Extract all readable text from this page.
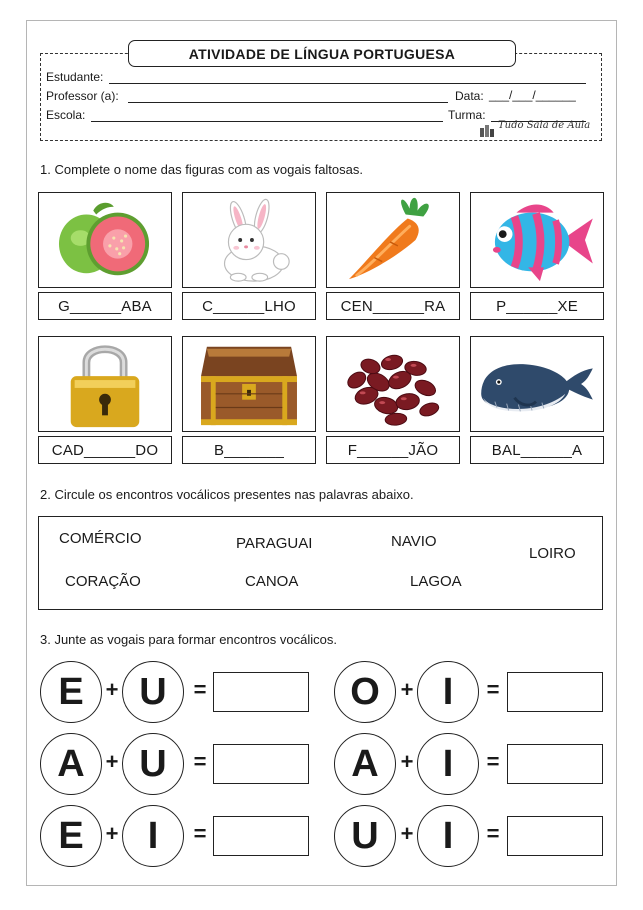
ATIVIDADE DE LÍNGUA PORTUGUESA
Estudante:
Professor (a):	Data: ___/___/______
Escola:	Turma:
Tudo Sala de Aula
1. Complete o nome das figuras com as vogais faltosas.
G______ABA	C______LHO	CEN______RA	P______XE
CAD______DO	B_______	F______JÃO	BAL______A
2. Circule os encontros vocálicos presentes nas palavras abaixo.
COMÉRCIO	PARAGUAI	NAVIO
LOIRO
CORAÇÃO	CANOA	LAGOA
3. Junte as vogais para formar encontros vocálicos.
E + U	=	O + I	=
A + U	=	A + I	=
E + I	=	U + I	=
